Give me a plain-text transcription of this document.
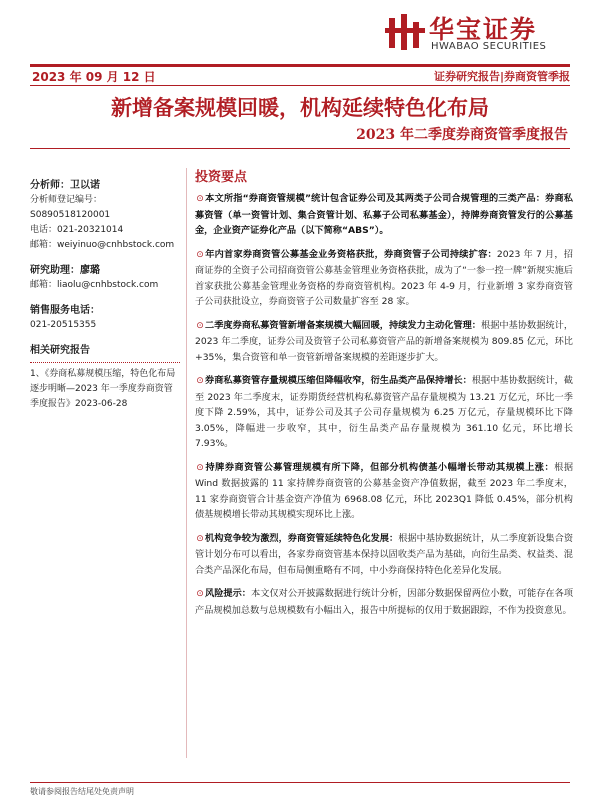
华宝证券
HWABAO SECURITIES
2023 年 09 月 12 日	证券研究报告|券商资管季报
新增备案规模回暖，机构延续特色化布局
2023 年二季度券商资管季度报告
分析师：卫以诺
分析师登记编号：S0890518120001
电话：021-20321014
邮箱：weiyinuo@cnhbstock.com
研究助理：廖璐
邮箱：liaolu@cnhbstock.com
销售服务电话：
021-20515355
相关研究报告
1、《券商私募规模压缩，特色化布局逐步明晰—2023 年一季度券商资管季度报告》2023-06-28
投资要点

⊙本文所指“券商资管规模”统计包含证券公司及其两类子公司合规管理的三类产品：券商私募资管（单一资管计划、集合资管计划、私募子公司私募基金），持牌券商资管发行的公募基金，企业资产证券化产品（以下简称“ABS”）。

⊙年内首家券商资管公募基金业务资格获批，券商资管子公司持续扩容：2023 年 7 月，招商证券的全资子公司招商资管公募基金管理业务资格获批，成为了“一参一控一牌”新规实施后首家获批公募基金管理业务资格的券商资管机构。2023 年 4-9 月，行业新增 3 家券商资管子公司获批设立，券商资管子公司数量扩容至 28 家。

⊙二季度券商私募资管新增备案规模大幅回暖，持续发力主动化管理：根据中基协数据统计，2023 年二季度，证券公司及资管子公司私募资管产品的新增备案规模为 809.85 亿元，环比+35%，集合资管和单一资管新增备案规模的差距逐步扩大。

⊙券商私募资管存量规模压缩但降幅收窄，衍生品类产品保持增长：根据中基协数据统计，截至 2023 年二季度末，证券期货经营机构私募资管产品存量规模为 13.21 万亿元，环比一季度下降 2.59%，其中，证券公司及其子公司存量规模为 6.25 万亿元，存量规模环比下降 3.05%，降幅进一步收窄，其中，衍生品类产品存量规模为 361.10 亿元，环比增长 7.93%。

⊙持牌券商资管公募管理规模有所下降，但部分机构债基小幅增长带动其规模上涨：根据 Wind 数据披露的 11 家持牌券商资管的公募基金资产净值数据，截至 2023 年二季度末，11 家券商资管合计基金资产净值为 6968.08 亿元，环比 2023Q1 降低 0.45%，部分机构债基规模增长带动其规模实现环比上涨。

⊙机构竞争较为激烈，券商资管延续特色化发展：根据中基协数据统计，从二季度新设集合资管计划分布可以看出，各家券商资管基本保持以固收类产品为基础，向衍生品类、权益类、混合类产品深化布局，但布局侧重略有不同，中小券商保持特色化差异化发展。

⊙风险提示：本文仅对公开披露数据进行统计分析，因部分数据保留两位小数，可能存在各项产品规模加总数与总规模数有小幅出入，报告中所提标的仅用于数据跟踪，不作为投资意见。

敬请参阅报告结尾处免责声明
